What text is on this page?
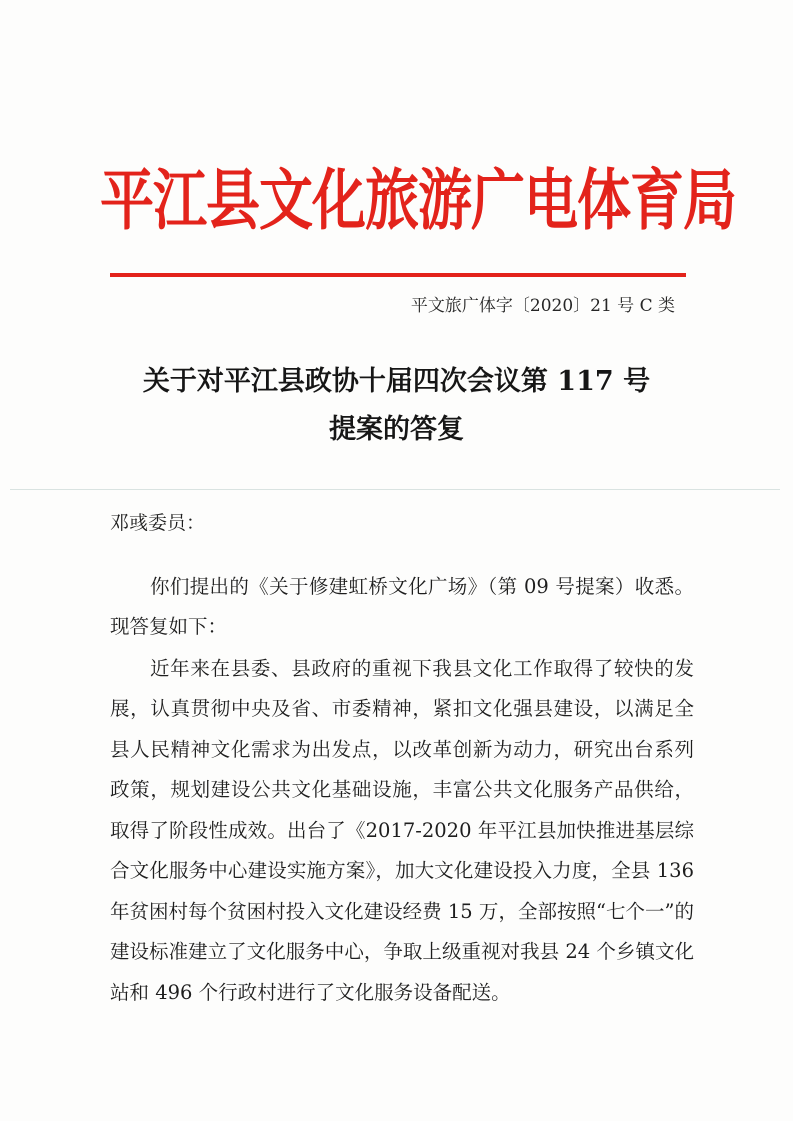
平江县文化旅游广电体育局
平文旅广体字〔2020〕21 号 C 类
关于对平江县政协十届四次会议第 117 号
提案的答复
邓彧委员：

你们提出的《关于修建虹桥文化广场》（第 09 号提案）收悉。现答复如下：

近年来在县委、县政府的重视下我县文化工作取得了较快的发展，认真贯彻中央及省、市委精神，紧扣文化强县建设，以满足全县人民精神文化需求为出发点，以改革创新为动力，研究出台系列政策，规划建设公共文化基础设施，丰富公共文化服务产品供给，取得了阶段性成效。出台了《2017-2020 年平江县加快推进基层综合文化服务中心建设实施方案》，加大文化建设投入力度，全县 136 年贫困村每个贫困村投入文化建设经费 15 万，全部按照“七个一”的建设标准建立了文化服务中心，争取上级重视对我县 24 个乡镇文化站和 496 个行政村进行了文化服务设备配送。
